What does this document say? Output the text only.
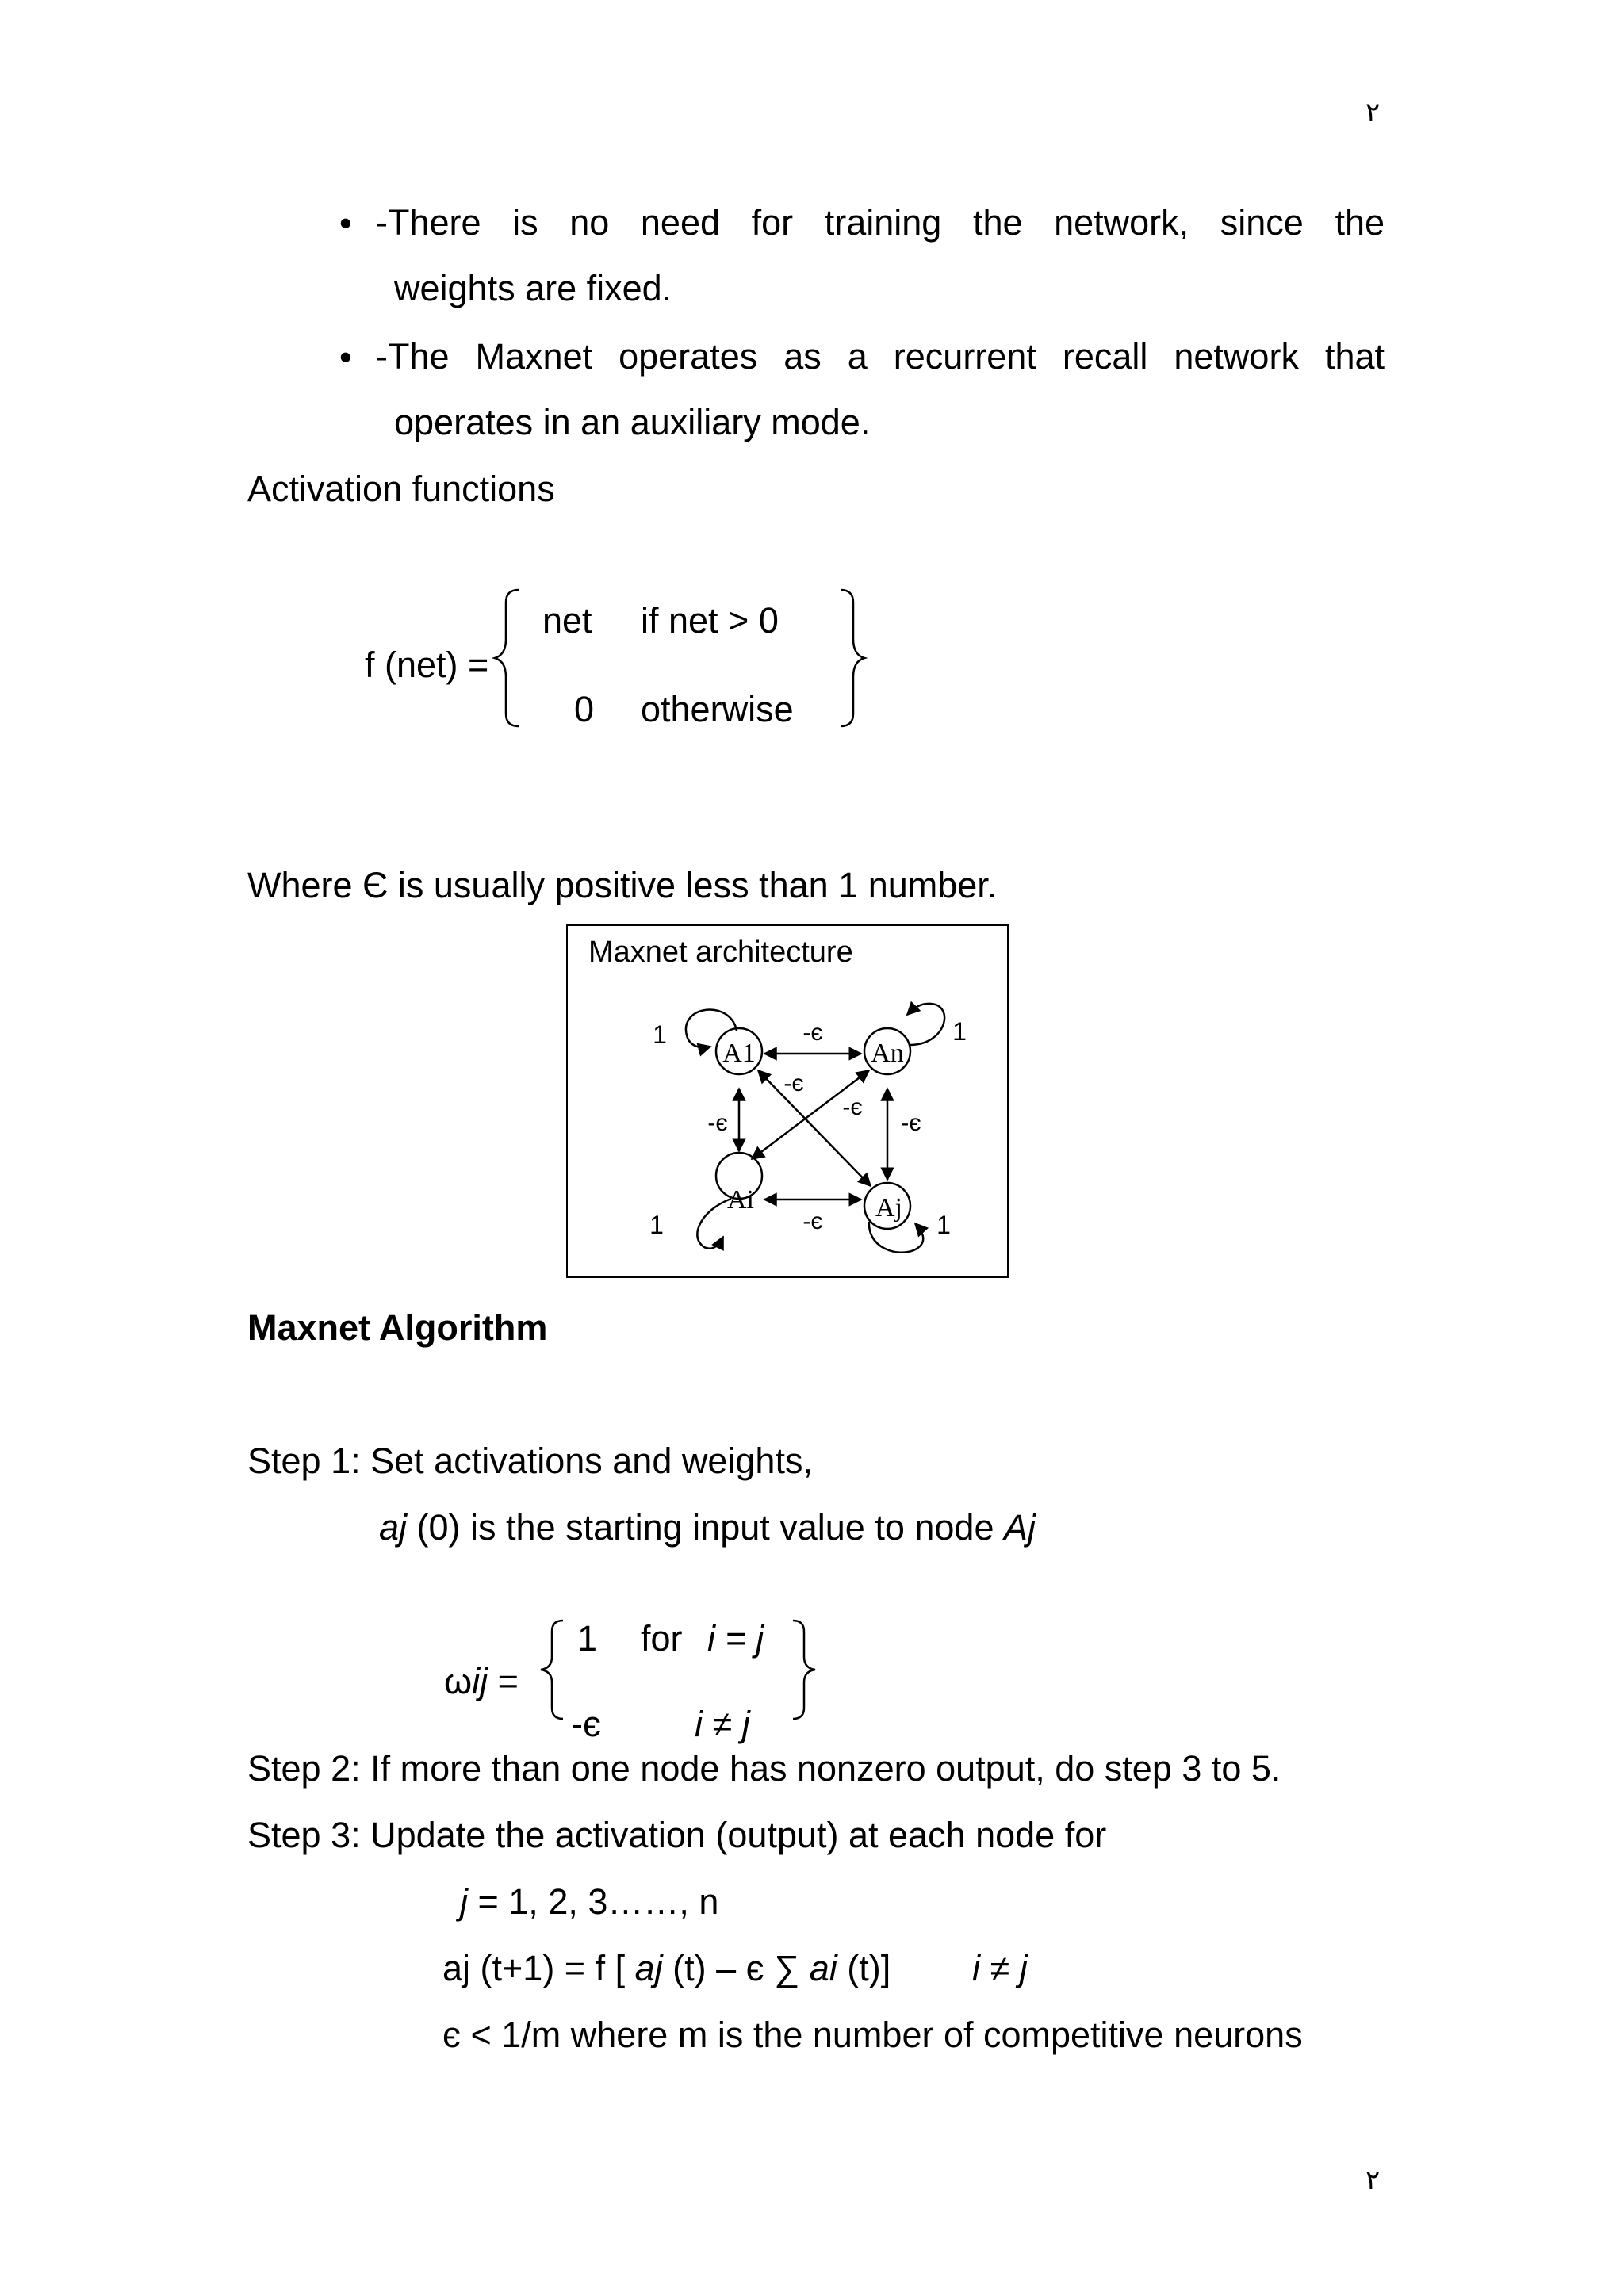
٢
٢
• -There is no need for training the network, since the
weights are fixed.
• -The Maxnet operates as a recurrent recall network that
operates in an auxiliary mode.
Activation functions
f (net) =
net if net > 0
0 otherwise
Where Є is usually positive less than 1 number.
Maxnet architecture
A1	An
Ai	Aj
1	1
1	1
-є
-є
-є
-є	-є
-є
Maxnet Algorithm
Step 1: Set activations and weights,
aj (0) is the starting input value to node Aj
ωij =
1 for i = j
-є	i ≠ j
Step 2: If more than one node has nonzero output, do step 3 to 5.
Step 3: Update the activation (output) at each node for
j = 1, 2, 3……, n
aj (t+1) = f [ aj (t) – є ∑ ai (t)] i ≠ j
є < 1/m where m is the number of competitive neurons
